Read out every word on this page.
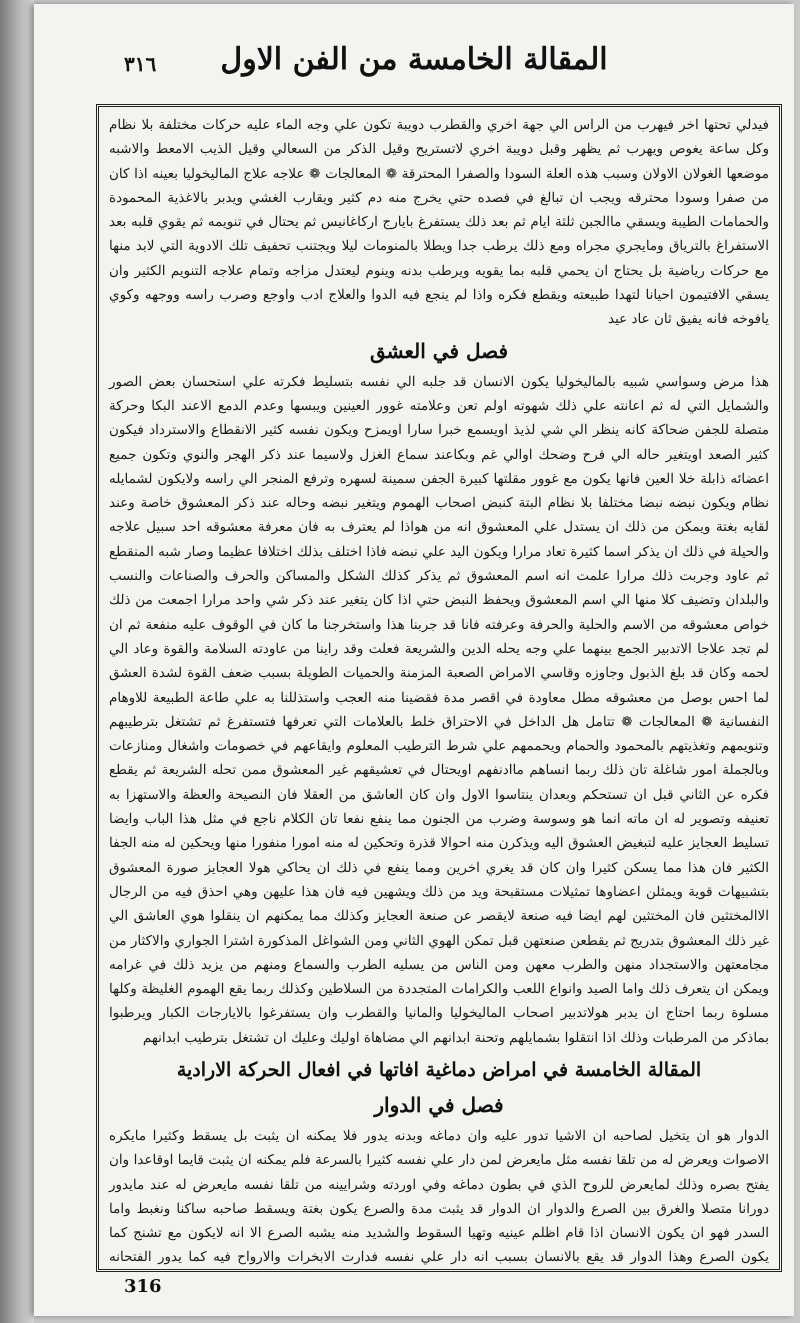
٣١٦	المقالة الخامسة من الفن الاول

فيدلي تحتها اخر فيهرب من الراس الي جهة اخري والقطرب دويبة تكون علي وجه الماء عليه حركات مختلفة بلا نظام وكل ساعة يغوص ويهرب ثم يظهر وقبل دويبة اخري لاتستريح وقيل الذكر من السعالي وقيل الذيب الامعط والاشبه موضعها الغولان الاولان وسبب هذه العلة السودا والصفرا المحترقة ❁ المعالجات ❁ علاجه علاج الماليخوليا بعينه اذا كان من صفرا وسودا محترقه ويجب ان تبالغ في فصده حتي يخرج منه دم كثير ويقارب الغشي ويدبر بالاغذية المحمودة والحمامات الطيبة ويسقي ماالجبن ثلثة ايام ثم بعد ذلك يستفرغ بايارج اركاغانيس ثم يحتال في تنويمه ثم يقوي قلبه بعد الاستفراغ بالترياق ومايجري مجراه ومع ذلك يرطب جدا ويطلا بالمنومات ليلا ويجتنب تحفيف تلك الادوية التي لابد منها مع حركات رياضية بل يحتاج ان يحمي قلبه بما يقويه ويرطب بدنه وينوم ليعتدل مزاجه وتمام علاجه التنويم الكثير وان يسقي الافتيمون احيانا لتهدا طبيعته ويقطع فكره واذا لم ينجع فيه الدوا والعلاج ادب واوجع وصرب راسه ووجهه وكوي يافوخه فانه يفيق ثان عاد عيد

فصل في العشق

هذا مرض وسواسي شبيه بالماليخوليا يكون الانسان قد جلبه الي نفسه بتسليط فكرته علي استحسان بعض الصور والشمايل التي له ثم اعانته علي ذلك شهوته اولم تعن وعلامته غوور العينين ويبسها وعدم الدمع الاعند البكا وحركة متصلة للجفن ضحاكة كانه ينظر الي شي لذيذ اويسمع خبرا سارا اويمزح ويكون نفسه كثير الانقطاع والاسترداد فيكون كثير الصعد اويتغير حاله الي فرح وضحك اوالي غم وبكاعند سماع الغزل ولاسيما عند ذكر الهجر والنوي وتكون جميع اعضائه ذابلة خلا العين فانها يكون مع غوور مقلتها كبيرة الجفن سمينة لسهره وترفع المنجر الي راسه ولايكون لشمايله نظام ويكون نبضه نبضا مختلفا بلا نظام البتة كنبض اصحاب الهموم ويتغير نبضه وحاله عند ذكر المعشوق خاصة وعند لقايه بغتة ويمكن من ذلك ان يستدل علي المعشوق انه من هواذا لم يعترف به فان معرفة معشوقه احد سبيل علاجه والحيلة في ذلك ان يذكر اسما كثيرة تعاد مرارا ويكون اليد علي نبضه فاذا اختلف بذلك اختلافا عظيما وصار شبه المنقطع ثم عاود وجربت ذلك مرارا علمت انه اسم المعشوق ثم يذكر كذلك الشكل والمساكن والحرف والصناعات والنسب والبلدان وتضيف كلا منها الي اسم المعشوق ويحفظ النبض حتي اذا كان يتغير عند ذكر شي واحد مرارا اجمعت من ذلك خواص معشوقه من الاسم والحلية والحرفة وعرفته فانا قد جربنا هذا واستخرجنا ما كان في الوقوف عليه منفعة ثم ان لم تجد علاجا الاتدبير الجمع بينهما علي وجه يحله الدين والشريعة فعلت وقد راينا من عاودته السلامة والقوة وعاد الي لحمه وكان قد بلغ الذبول وجاوزه وقاسي الامراض الصعبة المزمنة والحميات الطويلة بسبب ضعف القوة لشدة العشق لما احس بوصل من معشوقه مطل معاودة في اقصر مدة فقضينا منه العجب واستذللنا به علي طاعة الطبيعة للاوهام النفسانية ❁ المعالجات ❁ تتامل هل الداخل في الاحتراق خلط بالعلامات التي تعرفها فتستفرغ ثم تشتغل بترطيبهم وتنويمهم وتغذيتهم بالمحمود والحمام ويحممهم علي شرط الترطيب المعلوم وايقاعهم في خصومات واشغال ومنازعات وبالجملة امور شاغلة تان ذلك ربما انساهم ماادنفهم اويحتال في تعشيقهم غير المعشوق ممن تحله الشريعة ثم يقطع فكره عن الثاني قبل ان تستحكم وبعدان ينتاسوا الاول وان كان العاشق من العقلا فان النصيحة والعظة والاستهزا به تعنيفه وتصوير له ان ماته انما هو وسوسة وضرب من الجنون مما ينفع نفعا تان الكلام ناجع في مثل هذا الباب وايضا تسليط العجايز عليه لتبغيض العشوق اليه ويذكرن منه احوالا قذرة وتحكين له منه امورا منفورا منها ويحكين له منه الجفا الكثير فان هذا مما يسكن كثيرا وان كان قد يغري اخرين ومما ينفع في ذلك ان يحاكي هولا العجايز صورة المعشوق بتشبيهات قوية ويمثلن اعضاوها تمثيلات مستقبحة ويد من ذلك ويشهين فيه فان هذا عليهن وهي احذق فيه من الرجال الاالمختثين فان المختثين لهم ايضا فيه صنعة لايقصر عن صنعة العجايز وكذلك مما يمكنهم ان ينقلوا هوي العاشق الي غير ذلك المعشوق بتدريج ثم يقطعن صنعتهن قبل تمكن الهوي الثاني ومن الشواغل المذكورة اشترا الجواري والاكثار من مجامعتهن والاستجداد منهن والطرب معهن ومن الناس من يسليه الطرب والسماع ومنهم من يزيد ذلك في غرامه ويمكن ان يتعرف ذلك واما الصيد وانواع اللعب والكرامات المتجددة من السلاطين وكذلك ربما يقع الهموم الغليظة وكلها مسلوة ربما احتاج ان يدبر هولاتدبير اصحاب الماليخوليا والمانيا والقطرب وان يستفرغوا بالايارجات الكبار ويرطبوا بماذكر من المرطبات وذلك اذا انتقلوا بشمايلهم وتحنة ابدانهم الي مضاهاة اوليك وعليك ان تشتغل بترطيب ابدانهم

المقالة الخامسة في امراض دماغية افاتها في افعال الحركة الارادية
فصل في الدوار

الدوار هو ان يتخيل لصاحبه ان الاشيا تدور عليه وان دماغه وبدنه يدور فلا يمكنه ان يثبت بل يسقط وكثيرا مايكره الاصوات ويعرض له من تلقا نفسه مثل مايعرض لمن دار علي نفسه كثيرا بالسرعة فلم يمكنه ان يثبت قايما اوقاعدا وان يفتح بصره وذلك لمايعرض للروح الذي في بطون دماغه وفي اوردته وشرايينه من تلقا نفسه مايعرض له عند مايدور دورانا متصلا والغرق بين الصرع والدوار ان الدوار قد يثبت مدة والصرع يكون بغتة ويسقط صاحبه ساكنا ونغبط واما السدر فهو ان يكون الانسان اذا قام اظلم عينيه وتهيا السقوط والشديد منه يشبه الصرع الا انه لايكون مع تشنج كما يكون الصرع وهذا الدوار قد يقع بالانسان بسبب انه دار علي نفسه فدارت الابخرات والارواح فيه كما يدور الفتحانه

316
